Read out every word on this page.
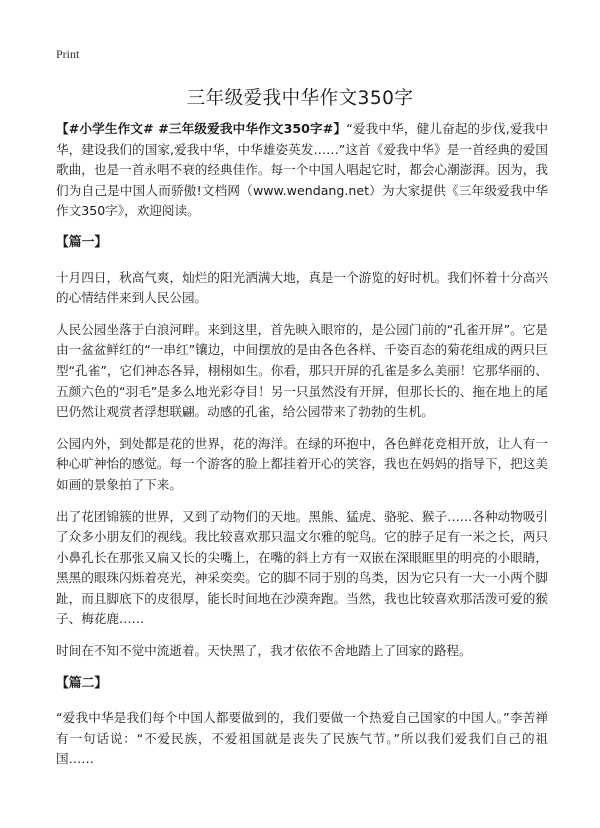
Print
三年级爱我中华作文350字

【#小学生作文# #三年级爱我中华作文350字#】“爱我中华，健儿奋起的步伐,爱我中华，建设我们的国家,爱我中华，中华雄姿英发……”这首《爱我中华》是一首经典的爱国歌曲，也是一首永唱不衰的经典佳作。每一个中国人唱起它时，都会心潮澎湃。因为，我们为自己是中国人而骄傲!文档网（www.wendang.net）为大家提供《三年级爱我中华作文350字》，欢迎阅读。

【篇一】

十月四日，秋高气爽，灿烂的阳光洒满大地，真是一个游览的好时机。我们怀着十分高兴的心情结伴来到人民公园。

人民公园坐落于白浪河畔。来到这里，首先映入眼帘的，是公园门前的“孔雀开屏”。它是由一盆盆鲜红的“一串红”镶边，中间摆放的是由各色各样、千姿百态的菊花组成的两只巨型“孔雀”，它们神态各异，栩栩如生。你看，那只开屏的孔雀是多么美丽！它那华丽的、五颜六色的“羽毛”是多么地光彩夺目！另一只虽然没有开屏，但那长长的、拖在地上的尾巴仍然让观赏者浮想联翩。动感的孔雀，给公园带来了勃勃的生机。

公园内外，到处都是花的世界，花的海洋。在绿的环抱中，各色鲜花竞相开放，让人有一种心旷神怡的感觉。每一个游客的脸上都挂着开心的笑容，我也在妈妈的指导下，把这美如画的景象拍了下来。

出了花团锦簇的世界，又到了动物们的天地。黑熊、猛虎、骆驼、猴子……各种动物吸引了众多小朋友们的视线。我比较喜欢那只温文尔雅的鸵鸟。它的脖子足有一米之长，两只小鼻孔长在那张又扁又长的尖嘴上，在嘴的斜上方有一双嵌在深眼眶里的明亮的小眼睛，黑黑的眼珠闪烁着亮光，神采奕奕。它的脚不同于别的鸟类，因为它只有一大一小两个脚趾，而且脚底下的皮很厚，能长时间地在沙漠奔跑。当然，我也比较喜欢那活泼可爱的猴子、梅花鹿……

时间在不知不觉中流逝着。天快黑了，我才依依不舍地踏上了回家的路程。

【篇二】

“爱我中华是我们每个中国人都要做到的，我们要做一个热爱自己国家的中国人。”李苦禅有一句话说：“不爱民族，不爱祖国就是丧失了民族气节。”所以我们爱我们自己的祖国……
